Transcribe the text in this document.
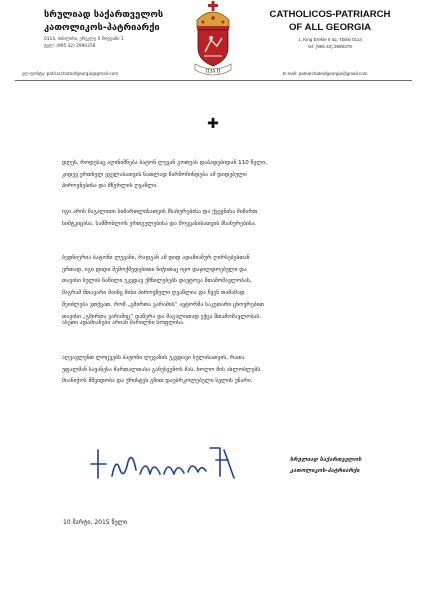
სრულიად საქართველოს
კათოლიკოს-პატრიარქი
0114, თბილისი, ერეკლე II მოედანი 1
ტელ: (995 32) 2990378
ელ-ფოსტა: patriarchateofgeorgia@gmail.com	ILIA II
CATHOLICOS-PATRIARCH
OF ALL GEORGIA
1, King Erekle II sq. Tbilisi 0114
tel: (995 32) 2990378
E-mail: patriarchateofgeorgia@gmail.com
✚
დღეს, როდესაც აღინიშნება ბატონ ლევან გოთუას დაბადებიდან 110 წელი,
კიდევ ერთხელ ყველასათვის ნათლად წარმოჩინდება ამ დიდებული
პიროვნებისა და მწერლის ღვაწლი.
იგი არის მაგალითი სიმართლისათვის მსახურებისა და ქვეყნისა მიმართ
სიმტკიცისა, სამშობლოს ერთგულებისა და მოყვასისათვის მსახურებისა.
ბედნიერია ბატონი ლევანი, რადგან ამ დიდ ადამიანურ ღირსებებთან
ერთად, იგი დიდი შემოქმედებითი ნიჭითაც იყო დაჯილდოებული და
თავისი სულის ნაწილი უკვდავ ქმნილებებს დაუტოვა შთამომავლობას,
მაგრამ მთავარი მაინც მისი პიროვნული ღვაწლია და ჩვენ თამამად
შეიძლება ვთქვათ, რომ „გმირთა ვარამის“ ავტორმა საკუთარი ცხოვრებით
თავისი „გმირთა ვარამიც“ დაწერა და მაგალითად ექცა შთამომავლობას.
ასეთი ადამიანები არიან მარილნი სოფლისა.
აღვავლენთ ლოცვებს ბატონი ლევანის უკვდავი სულისათვის, რათა
უფალმან სავანესა მართალთასა განუსვენოს მას, ხოლო მის ახლობლებს
მიანიჭოს მშვიდობა და ქრისტეს გზით დაუბრკოლებელი სვლის უნარი.
სრულიად საქართველოს
კათოლიკოს-პატრიარქი
10 მარტი, 2015 წელი
